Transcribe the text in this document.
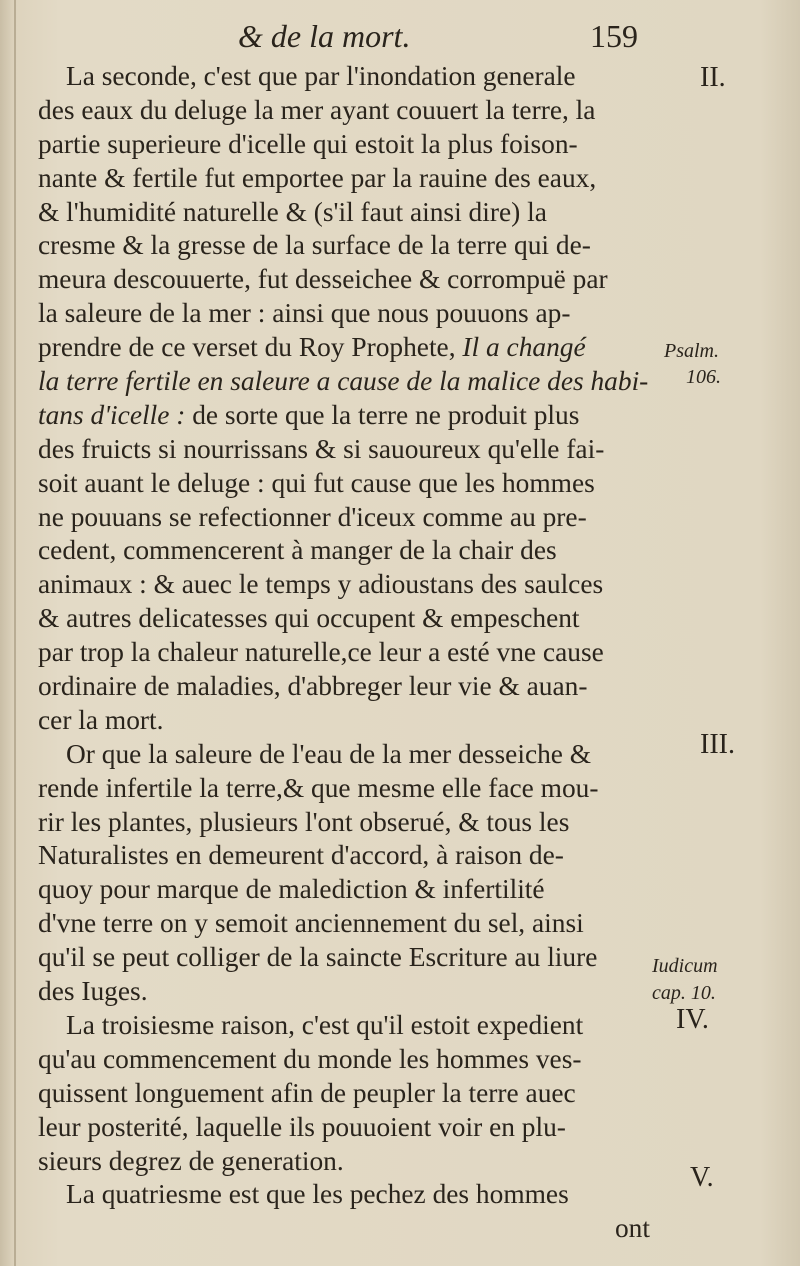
& de la mort.	159
La seconde, c'est que par l'inondation generale
des eaux du deluge la mer ayant couuert la terre, la
partie superieure d'icelle qui estoit la plus foison-
nante & fertile fut emportee par la rauine des eaux,
& l'humidité naturelle & (s'il faut ainsi dire) la
cresme & la gresse de la surface de la terre qui de-
meura descouuerte, fut desseichee & corrompuë par
la saleure de la mer : ainsi que nous pouuons ap-
prendre de ce verset du Roy Prophete, Il a changé
la terre fertile en saleure a cause de la malice des habi-
tans d'icelle : de sorte que la terre ne produit plus
des fruicts si nourrissans & si sauoureux qu'elle fai-
soit auant le deluge : qui fut cause que les hommes
ne pouuans se refectionner d'iceux comme au pre-
cedent, commencerent à manger de la chair des
animaux : & auec le temps y adioustans des saulces
& autres delicatesses qui occupent & empeschent
par trop la chaleur naturelle,ce leur a esté vne cause
ordinaire de maladies, d'abbreger leur vie & auan-
cer la mort.
Or que la saleure de l'eau de la mer desseiche &
rende infertile la terre,& que mesme elle face mou-
rir les plantes, plusieurs l'ont obserué, & tous les
Naturalistes en demeurent d'accord, à raison de-
quoy pour marque de malediction & infertilité
d'vne terre on y semoit anciennement du sel, ainsi
qu'il se peut colliger de la saincte Escriture au liure
des Iuges.
La troisiesme raison, c'est qu'il estoit expedient
qu'au commencement du monde les hommes ves-
quissent longuement afin de peupler la terre auec
leur posterité, laquelle ils pouuoient voir en plu-
sieurs degrez de generation.
La quatriesme est que les pechez des hommes
ont
II.
Psalm.
106.
III.
Iudicum
cap. 10.
IV.
V.
